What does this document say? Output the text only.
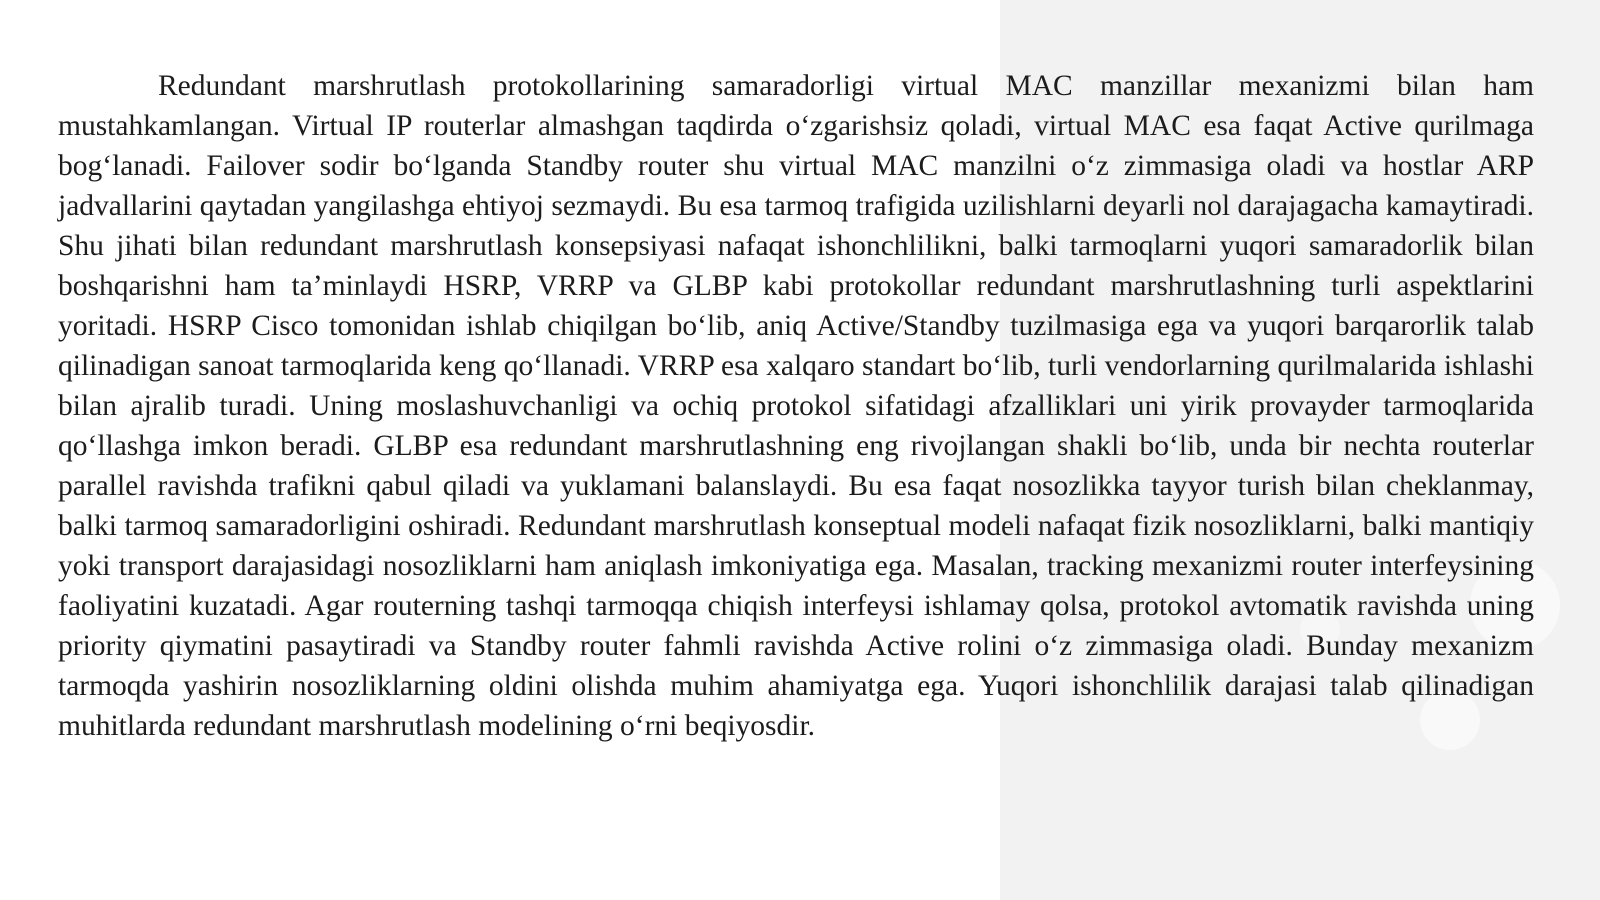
Redundant marshrutlash protokollarining samaradorligi virtual MAC manzillar mexanizmi bilan ham mustahkamlangan. Virtual IP routerlar almashgan taqdirda o‘zgarishsiz qoladi, virtual MAC esa faqat Active qurilmaga bog‘lanadi. Failover sodir bo‘lganda Standby router shu virtual MAC manzilni o‘z zimmasiga oladi va hostlar ARP jadvallarini qaytadan yangilashga ehtiyoj sezmaydi. Bu esa tarmoq trafigida uzilishlarni deyarli nol darajagacha kamaytiradi. Shu jihati bilan redundant marshrutlash konsepsiyasi nafaqat ishonchlilikni, balki tarmoqlarni yuqori samaradorlik bilan boshqarishni ham ta’minlaydi HSRP, VRRP va GLBP kabi protokollar redundant marshrutlashning turli aspektlarini yoritadi. HSRP Cisco tomonidan ishlab chiqilgan bo‘lib, aniq Active/Standby tuzilmasiga ega va yuqori barqarorlik talab qilinadigan sanoat tarmoqlarida keng qo‘llanadi. VRRP esa xalqaro standart bo‘lib, turli vendorlarning qurilmalarida ishlashi bilan ajralib turadi. Uning moslashuvchanligi va ochiq protokol sifatidagi afzalliklari uni yirik provayder tarmoqlarida qo‘llashga imkon beradi. GLBP esa redundant marshrutlashning eng rivojlangan shakli bo‘lib, unda bir nechta routerlar parallel ravishda trafikni qabul qiladi va yuklamani balanslaydi. Bu esa faqat nosozlikka tayyor turish bilan cheklanmay, balki tarmoq samaradorligini oshiradi. Redundant marshrutlash konseptual modeli nafaqat fizik nosozliklarni, balki mantiqiy yoki transport darajasidagi nosozliklarni ham aniqlash imkoniyatiga ega. Masalan, tracking mexanizmi router interfeysining faoliyatini kuzatadi. Agar routerning tashqi tarmoqqa chiqish interfeysi ishlamay qolsa, protokol avtomatik ravishda uning priority qiymatini pasaytiradi va Standby router fahmli ravishda Active rolini o‘z zimmasiga oladi. Bunday mexanizm tarmoqda yashirin nosozliklarning oldini olishda muhim ahamiyatga ega. Yuqori ishonchlilik darajasi talab qilinadigan muhitlarda redundant marshrutlash modelining o‘rni beqiyosdir.
